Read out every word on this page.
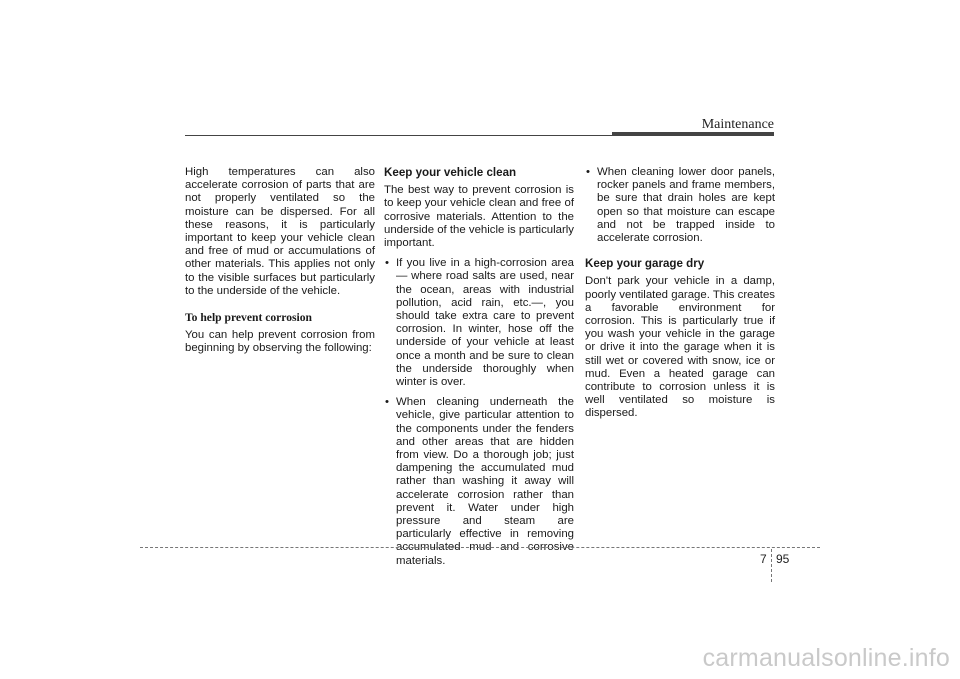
Maintenance

High temperatures can also accelerate corrosion of parts that are not properly ventilated so the moisture can be dispersed. For all these reasons, it is particularly important to keep your vehicle clean and free of mud or accumulations of other materials. This applies not only to the visible surfaces but particularly to the underside of the vehicle.

To help prevent corrosion

You can help prevent corrosion from beginning by observing the following:

Keep your vehicle clean

The best way to prevent corrosion is to keep your vehicle clean and free of corrosive materials. Attention to the underside of the vehicle is particularly important.

• If you live in a high-corrosion area — where road salts are used, near the ocean, areas with industrial pollution, acid rain, etc.—, you should take extra care to prevent corrosion. In winter, hose off the underside of your vehicle at least once a month and be sure to clean the underside thoroughly when winter is over.
• When cleaning underneath the vehicle, give particular attention to the components under the fenders and other areas that are hidden from view. Do a thorough job; just dampening the accumulated mud rather than washing it away will accelerate corrosion rather than prevent it. Water under high pressure and steam are particularly effective in removing accumulated mud and corrosive materials.
• When cleaning lower door panels, rocker panels and frame members, be sure that drain holes are kept open so that moisture can escape and not be trapped inside to accelerate corrosion.
Keep your garage dry

Don't park your vehicle in a damp, poorly ventilated garage. This creates a favorable environment for corrosion. This is particularly true if you wash your vehicle in the garage or drive it into the garage when it is still wet or covered with snow, ice or mud. Even a heated garage can contribute to corrosion unless it is well ventilated so moisture is dispersed.

7 95
carmanualsonline.info
